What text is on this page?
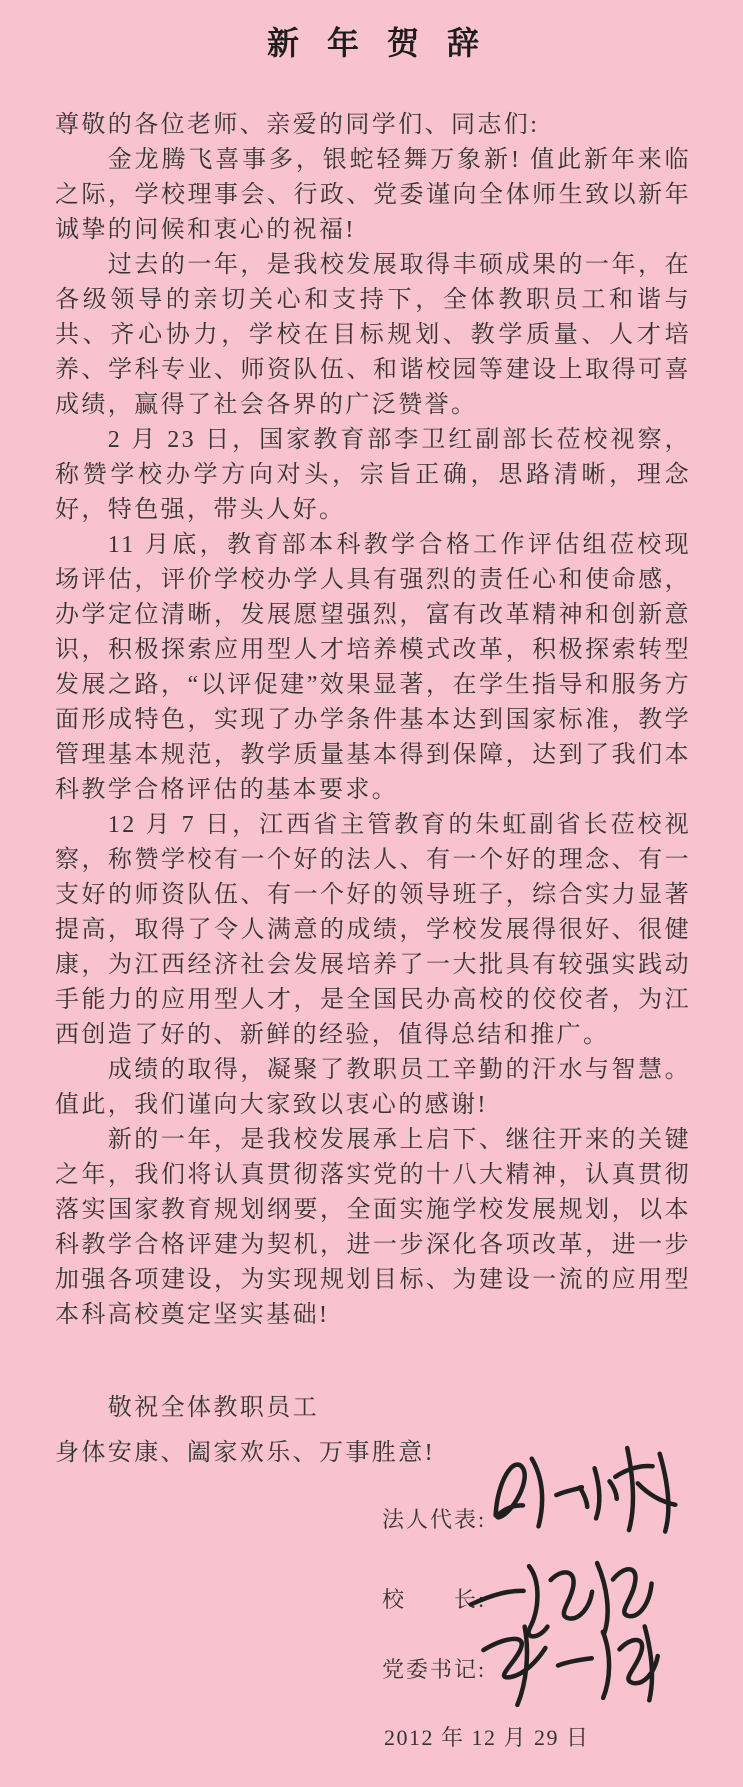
新年贺辞

尊敬的各位老师、亲爱的同学们、同志们:

金龙腾飞喜事多，银蛇轻舞万象新! 值此新年来临之际，学校理事会、行政、党委谨向全体师生致以新年诚挚的问候和衷心的祝福!

过去的一年，是我校发展取得丰硕成果的一年，在各级领导的亲切关心和支持下，全体教职员工和谐与共、齐心协力，学校在目标规划、教学质量、人才培养、学科专业、师资队伍、和谐校园等建设上取得可喜成绩，赢得了社会各界的广泛赞誉。

2 月 23 日，国家教育部李卫红副部长莅校视察，称赞学校办学方向对头，宗旨正确，思路清晰，理念好，特色强，带头人好。

11 月底，教育部本科教学合格工作评估组莅校现场评估，评价学校办学人具有强烈的责任心和使命感，办学定位清晰，发展愿望强烈，富有改革精神和创新意识，积极探索应用型人才培养模式改革，积极探索转型发展之路，“以评促建”效果显著，在学生指导和服务方面形成特色，实现了办学条件基本达到国家标准，教学管理基本规范，教学质量基本得到保障，达到了我们本科教学合格评估的基本要求。

12 月 7 日，江西省主管教育的朱虹副省长莅校视察，称赞学校有一个好的法人、有一个好的理念、有一支好的师资队伍、有一个好的领导班子，综合实力显著提高，取得了令人满意的成绩，学校发展得很好、很健康，为江西经济社会发展培养了一大批具有较强实践动手能力的应用型人才，是全国民办高校的佼佼者，为江西创造了好的、新鲜的经验，值得总结和推广。

成绩的取得，凝聚了教职员工辛勤的汗水与智慧。值此，我们谨向大家致以衷心的感谢!

新的一年，是我校发展承上启下、继往开来的关键之年，我们将认真贯彻落实党的十八大精神，认真贯彻落实国家教育规划纲要，全面实施学校发展规划，以本科教学合格评建为契机，进一步深化各项改革，进一步加强各项建设，为实现规划目标、为建设一流的应用型本科高校奠定坚实基础!

敬祝全体教职员工

身体安康、阖家欢乐、万事胜意!

法人代表:
校　　长:
党委书记:
2012 年 12 月 29 日
